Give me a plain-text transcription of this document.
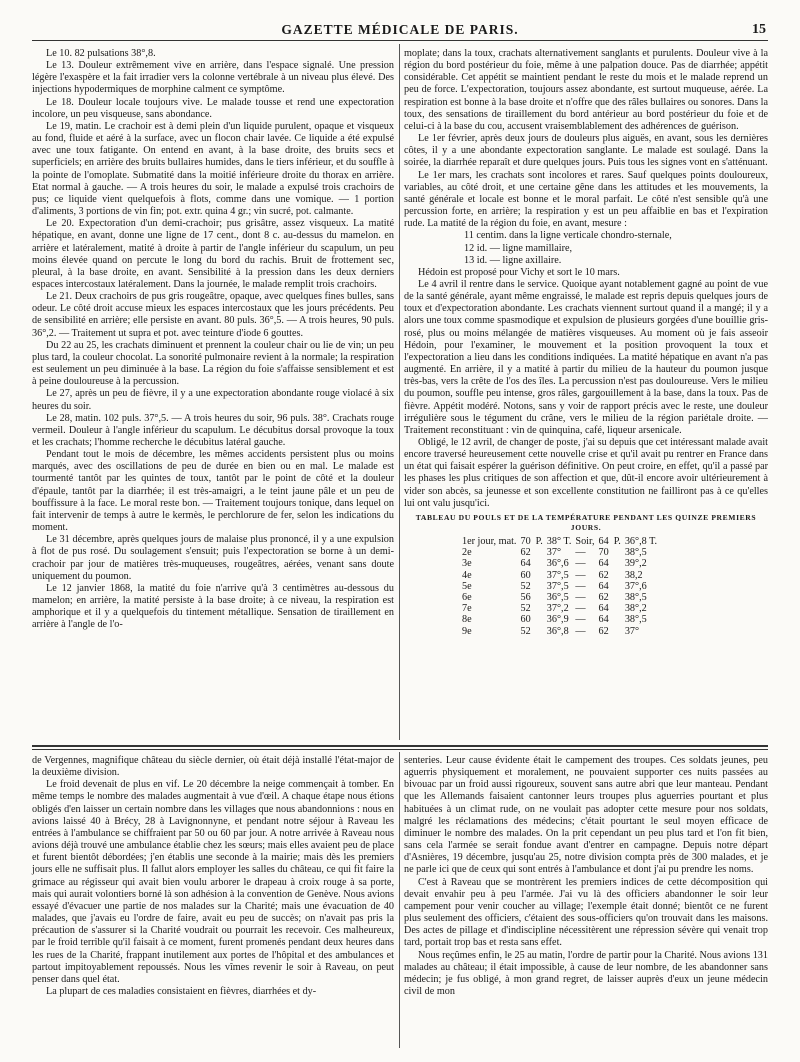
GAZETTE MÉDICALE DE PARIS.	15

Le 10. 82 pulsations 38°,8.

Le 13. Douleur extrêmement vive en arrière, dans l'espace signalé. Une pression légère l'exaspère et la fait irradier vers la colonne vertébrale à un niveau plus élevé. Des injections hypodermiques de morphine calment ce symptôme.

Le 18. Douleur locale toujours vive. Le malade tousse et rend une expectoration incolore, un peu visqueuse, sans abondance.

Le 19, matin. Le crachoir est à demi plein d'un liquide purulent, opaque et visqueux au fond, fluide et aéré à la surface, avec un flocon chair lavée. Ce liquide a été expulsé avec une toux fatigante. On entend en avant, à la base droite, des bruits secs et superficiels; en arrière des bruits bullaires humides, dans le tiers inférieur, et du souffle à la pointe de l'omoplate. Submatité dans la moitié inférieure droite du thorax en arrière. Etat normal à gauche. — A trois heures du soir, le malade a expulsé trois crachoirs de pus; ce liquide vient quelquefois à flots, comme dans une vomique. — 1 portion d'aliments, 3 portions de vin fin; pot. extr. quina 4 gr.; vin sucré, pot. calmante.

Le 20. Expectoration d'un demi-crachoir; pus grisâtre, assez visqueux. La matité hépatique, en avant, donne une ligne de 17 cent., dont 8 c. au-dessus du mamelon. en arrière et latéralement, matité à droite à partir de l'angle inférieur du scapulum, un peu moins élevée quand on percute le long du bord du rachis. Bruit de frottement sec, pleural, à la base droite, en avant. Sensibilité à la pression dans les deux derniers espaces intercostaux latéralement. Dans la journée, le malade remplit trois crachoirs.

Le 21. Deux crachoirs de pus gris rougeâtre, opaque, avec quelques fines bulles, sans odeur. Le côté droit accuse mieux les espaces intercostaux que les jours précédents. Peu de sensibilité en arrière; elle persiste en avant. 80 puls. 36°,5. — A trois heures, 90 puls. 36°,2. — Traitement ut supra et pot. avec teinture d'iode 6 gouttes.

Du 22 au 25, les crachats diminuent et prennent la couleur chair ou lie de vin; un peu plus tard, la couleur chocolat. La sonorité pulmonaire revient à la normale; la respiration est seulement un peu diminuée à la base. La région du foie s'affaisse sensiblement et est à peine douloureuse à la percussion.

Le 27, après un peu de fièvre, il y a une expectoration abondante rouge violacé à six heures du soir.

Le 28, matin. 102 puls. 37°,5. — A trois heures du soir, 96 puls. 38°. Crachats rouge vermeil. Douleur à l'angle inférieur du scapulum. Le décubitus dorsal provoque la toux et les crachats; l'homme recherche le décubitus latéral gauche.

Pendant tout le mois de décembre, les mêmes accidents persistent plus ou moins marqués, avec des oscillations de peu de durée en bien ou en mal. Le malade est tourmenté tantôt par les quintes de toux, tantôt par le point de côté et la douleur d'épaule, tantôt par la diarrhée; il est très-amaigri, a le teint jaune pâle et un peu de bouffissure à la face. Le moral reste bon. — Traitement toujours tonique, dans lequel on fait intervenir de temps à autre le kermès, le perchlorure de fer, selon les indications du moment.

Le 31 décembre, après quelques jours de malaise plus prononcé, il y a une expulsion à flot de pus rosé. Du soulagement s'ensuit; puis l'expectoration se borne à un demi-crachoir par jour de matières très-muqueuses, rougeâtres, aérées, venant sans doute uniquement du poumon.

Le 12 janvier 1868, la matité du foie n'arrive qu'à 3 centimètres au-dessous du mamelon; en arrière, la matité persiste à la base droite; à ce niveau, la respiration est amphorique et il y a quelquefois du tintement métallique. Sensation de tiraillement en arrière à l'angle de l'o-

moplate; dans la toux, crachats alternativement sanglants et purulents. Douleur vive à la région du bord postérieur du foie, même à une palpation douce. Pas de diarrhée; appétit considérable. Cet appétit se maintient pendant le reste du mois et le malade reprend un peu de force. L'expectoration, toujours assez abondante, est surtout muqueuse, aérée. La respiration est bonne à la base droite et n'offre que des râles bullaires ou sonores. Dans la toux, des sensations de tiraillement du bord antérieur au bord postérieur du foie et de celui-ci à la base du cou, accusent vraisemblablement des adhérences de guérison.

Le 1er février, après deux jours de douleurs plus aiguës, en avant, sous les dernières côtes, il y a une abondante expectoration sanglante. Le malade est soulagé. Dans la soirée, la diarrhée reparaît et dure quelques jours. Puis tous les signes vont en s'atténuant.

Le 1er mars, les crachats sont incolores et rares. Sauf quelques points douloureux, variables, au côté droit, et une certaine gêne dans les attitudes et les mouvements, la santé générale et locale est bonne et le moral parfait. Le côté n'est sensible qu'à une percussion forte, en arrière; la respiration y est un peu affaiblie en bas et l'expiration rude. La matité de la région du foie, en avant, mesure :

11 centim. dans la ligne verticale chondro-sternale,
12 id. — ligne mamillaire,
13 id. — ligne axillaire.

Hédoin est proposé pour Vichy et sort le 10 mars.

Le 4 avril il rentre dans le service. Quoique ayant notablement gagné au point de vue de la santé générale, ayant même engraissé, le malade est repris depuis quelques jours de toux et d'expectoration abondante. Les crachats viennent surtout quand il a mangé; il y a alors une toux comme spasmodique et expulsion de plusieurs gorgées d'une bouillie gris-rosé, plus ou moins mélangée de matières visqueuses. Au moment où je fais asseoir Hédoin, pour l'examiner, le mouvement et la position provoquent la toux et l'expectoration a lieu dans les conditions indiquées. La matité hépatique en avant n'a pas augmenté. En arrière, il y a matité à partir du milieu de la hauteur du poumon jusque très-bas, vers la crête de l'os des îles. La percussion n'est pas douloureuse. Vers le milieu du poumon, souffle peu intense, gros râles, gargouillement à la base, dans la toux. Pas de fièvre. Appétit modéré. Notons, sans y voir de rapport précis avec le reste, une douleur irrégulière sous le tégument du crâne, vers le milieu de la région pariétale droite. — Traitement reconstituant : vin de quinquina, café, liqueur arsenicale.

Obligé, le 12 avril, de changer de poste, j'ai su depuis que cet intéressant malade avait encore traversé heureusement cette nouvelle crise et qu'il avait pu rentrer en France dans un état qui faisait espérer la guérison définitive. On peut croire, en effet, qu'il a passé par les phases les plus critiques de son affection et que, dût-il encore avoir ultérieurement à vider son abcès, sa jeunesse et son excellente constitution ne failliront pas à ce qu'elles lui ont valu jusqu'ici.

TABLEAU DU POULS ET DE LA TEMPÉRATURE PENDANT LES QUINZE PREMIERS JOURS.
1er jour, mat.	70	P.	38° T.	Soir,	64	P.	36°,8 T.
2e	62		37°	—	70		38°,5
3e	64		36°,6	—	64		39°,2
4e	60		37°,5	—	62		38,2
5e	52		37°,5	—	64		37°,6
6e	56		36°,5	—	62		38°,5
7e	52		37°,2	—	64		38°,2
8e	60		36°,9	—	64		38°,5
9e	52		36°,8	—	62		37°

de Vergennes, magnifique château du siècle dernier, où était déjà installé l'état-major de la deuxième division.

Le froid devenait de plus en vif. Le 20 décembre la neige commençait à tomber. En même temps le nombre des malades augmentait à vue d'œil. A chaque étape nous étions obligés d'en laisser un certain nombre dans les villages que nous abandonnions : nous en avions laissé 40 à Brécy, 28 à Lavignonnyne, et pendant notre séjour à Raveau les entrées à l'ambulance se chiffraient par 50 ou 60 par jour. A notre arrivée à Raveau nous avions déjà trouvé une ambulance établie chez les sœurs; mais elles avaient peu de place et furent bientôt débordées; j'en établis une seconde à la mairie; mais dès les premiers jours elle ne suffisait plus. Il fallut alors employer les salles du château, ce qui fit faire la grimace au régisseur qui avait bien voulu arborer le drapeau à croix rouge à sa porte, mais qui aurait volontiers borné là son adhésion à la convention de Genève. Nous avions essayé d'évacuer une partie de nos malades sur la Charité; mais une évacuation de 40 malades, que j'avais eu l'ordre de faire, avait eu peu de succès; on n'avait pas pris la précaution de s'assurer si la Charité voudrait ou pourrait les recevoir. Ces malheureux, par le froid terrible qu'il faisait à ce moment, furent promenés pendant deux heures dans les rues de la Charité, frappant inutilement aux portes de l'hôpital et des ambulances et partout impitoyablement repoussés. Nous les vîmes revenir le soir à Raveau, on peut penser dans quel état.

La plupart de ces maladies consistaient en fièvres, diarrhées et dy-

senteries. Leur cause évidente était le campement des troupes. Ces soldats jeunes, peu aguerris physiquement et moralement, ne pouvaient supporter ces nuits passées au bivouac par un froid aussi rigoureux, souvent sans autre abri que leur manteau. Pendant que les Allemands faisaient cantonner leurs troupes plus aguerries pourtant et plus habituées à un climat rude, on ne voulait pas adopter cette mesure pour nos soldats, malgré les réclamations des médecins; c'était pourtant le seul moyen efficace de diminuer le nombre des malades. On la prit cependant un peu plus tard et l'on fit bien, sans cela l'armée se serait fondue avant d'entrer en campagne. Depuis notre départ d'Asnières, 19 décembre, jusqu'au 25, notre division compta près de 300 malades, et je ne parle ici que de ceux qui sont entrés à l'ambulance et dont j'ai pu prendre les noms.

C'est à Raveau que se montrèrent les premiers indices de cette décomposition qui devait envahir peu à peu l'armée. J'ai vu là des officiers abandonner le soir leur campement pour venir coucher au village; l'exemple était donné; bientôt ce ne furent plus seulement des officiers, c'étaient des sous-officiers qu'on trouvait dans les maisons. Des actes de pillage et d'indiscipline nécessitèrent une répression sévère qui venait trop tard, portait trop bas et resta sans effet.

Nous reçûmes enfin, le 25 au matin, l'ordre de partir pour la Charité. Nous avions 131 malades au château; il était impossible, à cause de leur nombre, de les abandonner sans médecin; je fus obligé, à mon grand regret, de laisser auprès d'eux un jeune médecin civil de mon
